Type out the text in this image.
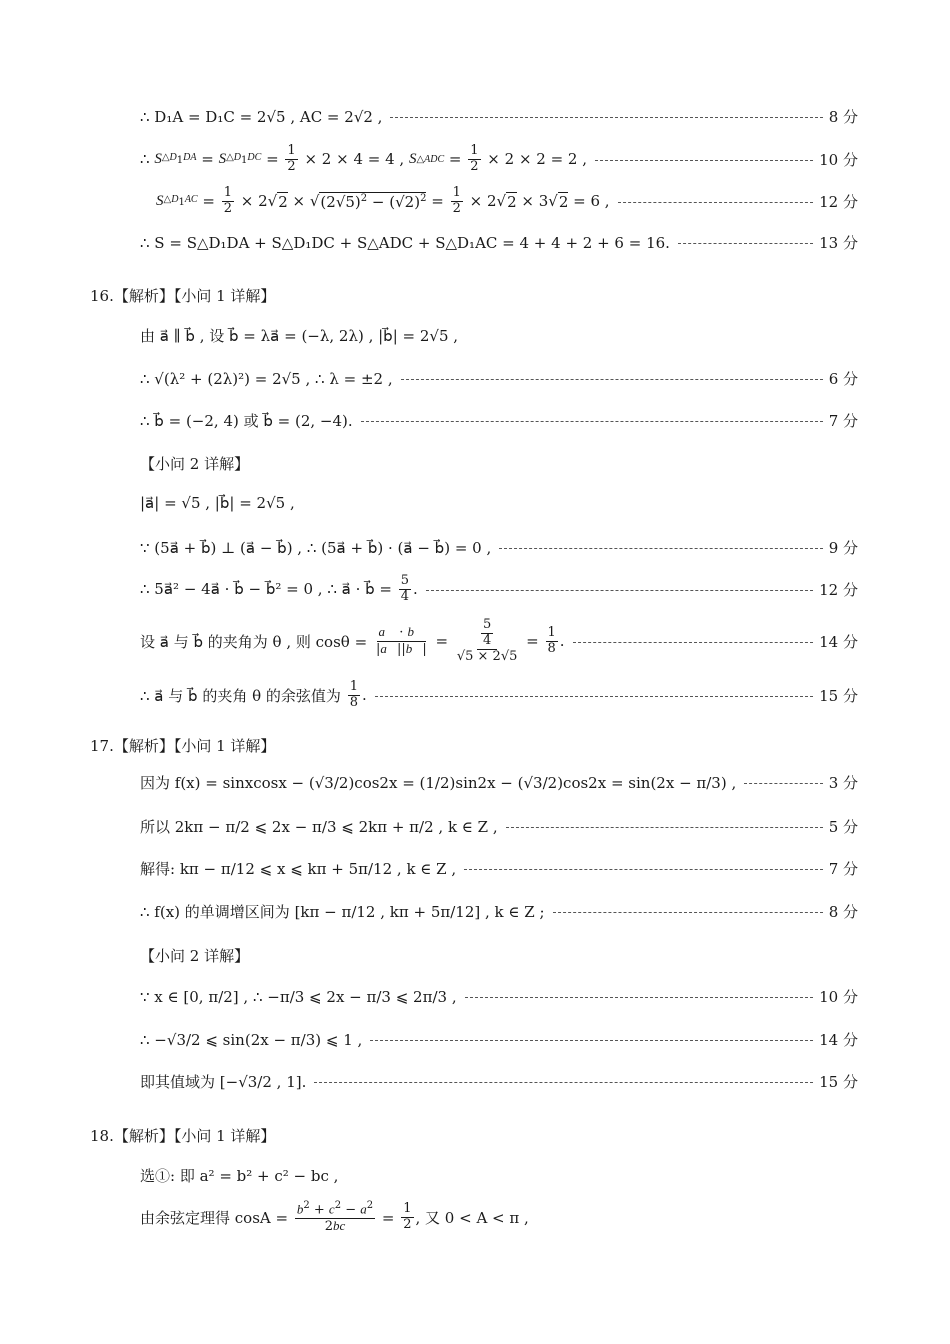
∴ D₁A = D₁C = 2√5 , AC = 2√2 ,	8 分
∴ S $\triangle D_1DA = S$ $\triangle D_1DC = \frac{1}{2} \times 2 \times 4 = 4$ , S △ADC = $\frac{1}{2} \times 2 \times 2 = 2$ ,	10 分
S $\triangle D_1AC = \frac{1}{2} \times 2√$ 2 × √ $(2√5)^2 - (√2)^2 = \frac{1}{2} \times 2√$ 2 × 3√ 2 = 6 ,	12 分
∴ S = S△D₁DA + S△D₁DC + S△ADC + S△D₁AC = 4 + 4 + 2 + 6 = 16.	13 分
16.【解析】【小问 1 详解】
由 a⃗ ∥ b⃗ , 设 b⃗ = λa⃗ = (−λ, 2λ) , |b⃗| = 2√5 ,
∴ √(λ² + (2λ)²) = 2√5 , ∴ λ = ±2 ,	6 分
∴ b⃗ = (−2, 4) 或 b⃗ = (2, −4).	7 分
【小问 2 详解】
|a⃗| = √5 , |b⃗| = 2√5 ,
∵ (5a⃗ + b⃗) ⊥ (a⃗ − b⃗) , ∴ (5a⃗ + b⃗) · (a⃗ − b⃗) = 0 ,	9 分
∴ 5a⃗² − 4a⃗ · b⃗ − b⃗² = 0 , ∴ a⃗ · b⃗ =
$\frac{5}{4}$ .	12 分
设 a⃗ 与 b⃗ 的夹角为 θ , 则 cosθ =
$\frac{a⃗ \cdot b⃗}{|a⃗||b⃗|} = \frac{\frac{5}{4}}{√5 \times 2√5} = \frac{1}{8}$ .	14 分
∴ a⃗ 与 b⃗ 的夹角 θ 的余弦值为
$\frac{1}{8}$ .	15 分
17.【解析】【小问 1 详解】
因为 f(x) = sinxcosx − (√3/2)cos2x = (1/2)sin2x − (√3/2)cos2x = sin(2x − π/3) ,	3 分
所以 2kπ − π/2 ⩽ 2x − π/3 ⩽ 2kπ + π/2 , k ∈ Z ,	5 分
解得: kπ − π/12 ⩽ x ⩽ kπ + 5π/12 , k ∈ Z ,	7 分
∴ f(x) 的单调增区间为 [kπ − π/12 , kπ + 5π/12] , k ∈ Z ;	8 分
【小问 2 详解】
∵ x ∈ [0, π/2] , ∴ −π/3 ⩽ 2x − π/3 ⩽ 2π/3 ,	10 分
∴ −√3/2 ⩽ sin(2x − π/3) ⩽ 1 ,	14 分
即其值域为 [−√3/2 , 1].	15 分
18.【解析】【小问 1 详解】
选①: 即 a² = b² + c² − bc ,
由余弦定理得 cosA =
$\frac{b^2 + c^2 - a^2}{2bc} = \frac{1}{2}$ , 又 0 < A < π ,
